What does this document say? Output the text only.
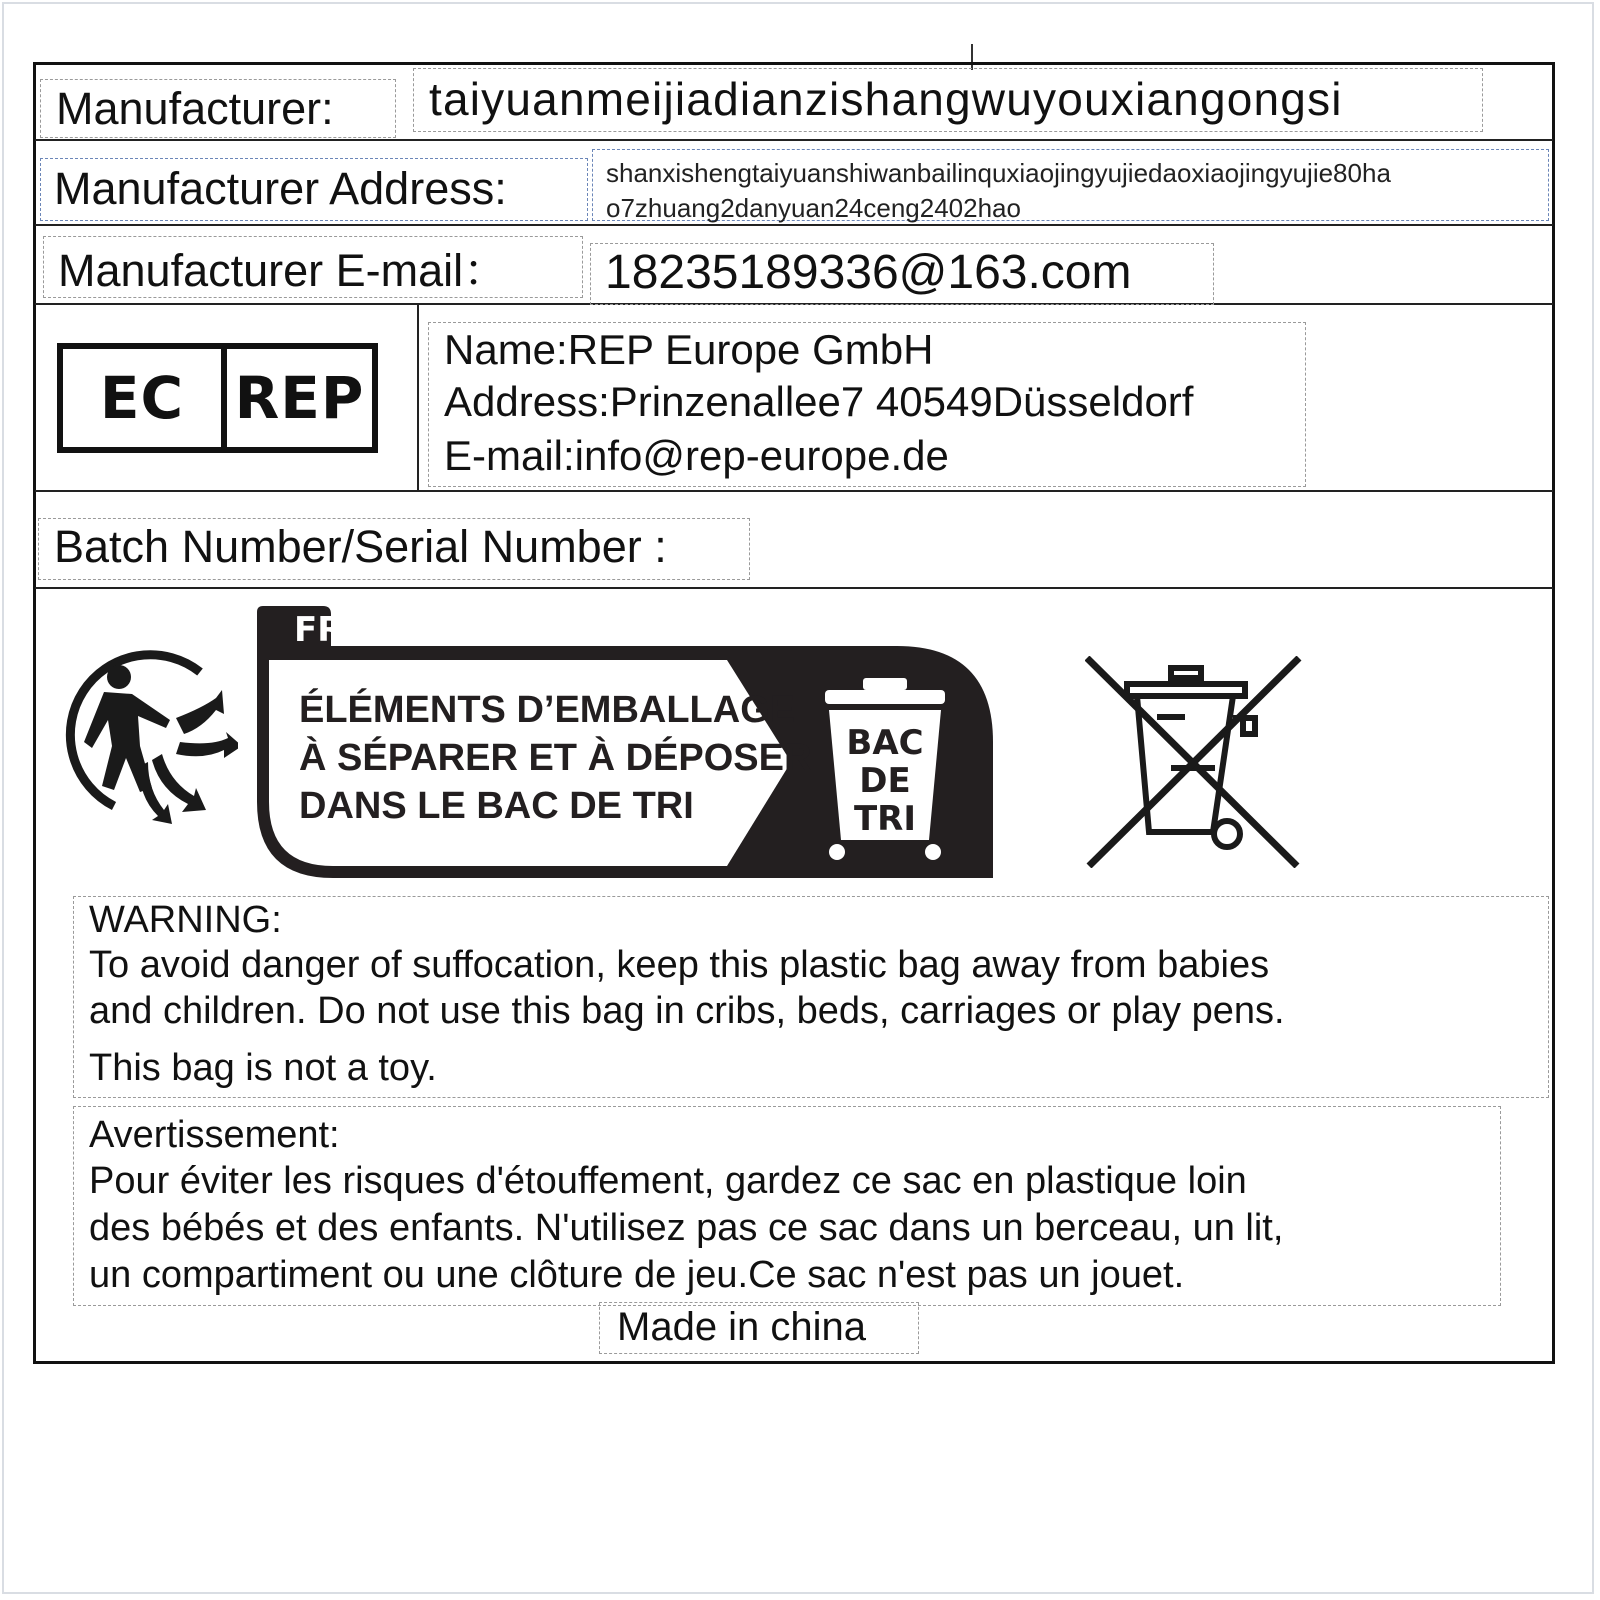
Manufacturer: taiyuanmeijiadianzishangwuyouxiangongsi
Manufacturer Address:	shanxishengtaiyuanshiwanbailinquxiaojingyujiedaoxiaojingyujie80ha
o7zhuang2danyuan24ceng2402hao
Manufacturer E-mail： 18235189336@163.com
EC REP
Name:REP Europe GmbH
Address:Prinzenallee7 40549Düsseldorf
E-mail:info@rep-europe.de
Batch Number/Serial Number :
FR
ÉLÉMENTS D’EMBALLAGE
À SÉPARER ET À DÉPOSER
DANS LE BAC DE TRI
BAC
DE
TRI
WARNING:
To avoid danger of suffocation, keep this plastic bag away from babies
and children. Do not use this bag in cribs, beds, carriages or play pens.
This bag is not a toy.
Avertissement:
Pour éviter les risques d'étouffement, gardez ce sac en plastique loin
des bébés et des enfants. N'utilisez pas ce sac dans un berceau, un lit,
un compartiment ou une clôture de jeu.Ce sac n'est pas un jouet.
Made in china
